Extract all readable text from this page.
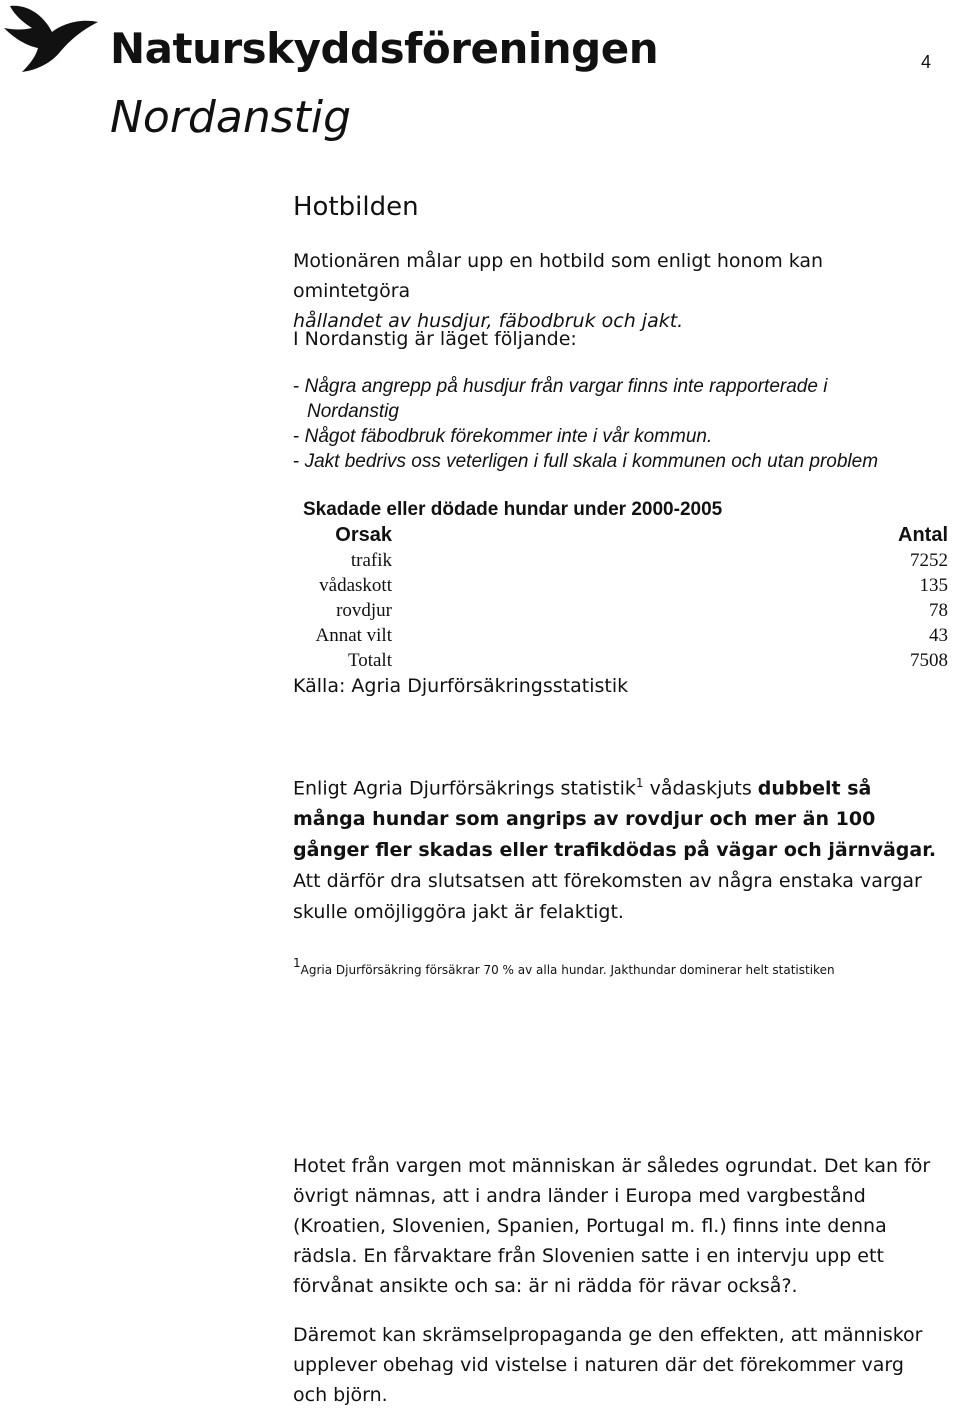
Naturskyddsföreningen
Nordanstig
4
Hotbilden
Motionären målar upp en hotbild som enligt honom kan omintetgöra
hållandet av husdjur, fäbodbruk och jakt.
I Nordanstig är läget följande:
- Några angrepp på husdjur från vargar finns inte rapporterade i
Nordanstig
- Något fäbodbruk förekommer inte i vår kommun.
- Jakt bedrivs oss veterligen i full skala i kommunen och utan problem
Skadade eller dödade hundar under 2000-2005
Orsak	Antal
trafik	7252
vådaskott	135
rovdjur	78
Annat vilt	43
Totalt	7508
Källa: Agria Djurförsäkringsstatistik
Enligt Agria Djurförsäkrings statistik$^1$ vådaskjuts dubbelt så många hundar som angrips av rovdjur och mer än 100 gånger fler skadas eller trafikdödas på vägar och järnvägar. Att därför dra slutsatsen att förekomsten av några enstaka vargar skulle omöjliggöra jakt är felaktigt.
$^1$Agria Djurförsäkring försäkrar 70 % av alla hundar. Jakthundar dominerar helt statistiken
Hotet från vargen mot människan är således ogrundat. Det kan för övrigt nämnas, att i andra länder i Europa med vargbestånd (Kroatien, Slovenien, Spanien, Portugal m. fl.) finns inte denna rädsla. En fårvaktare från Slovenien satte i en intervju upp ett förvånat ansikte och sa: är ni rädda för rävar också?.
Däremot kan skrämselpropaganda ge den effekten, att människor upplever obehag vid vistelse i naturen där det förekommer varg och björn.
